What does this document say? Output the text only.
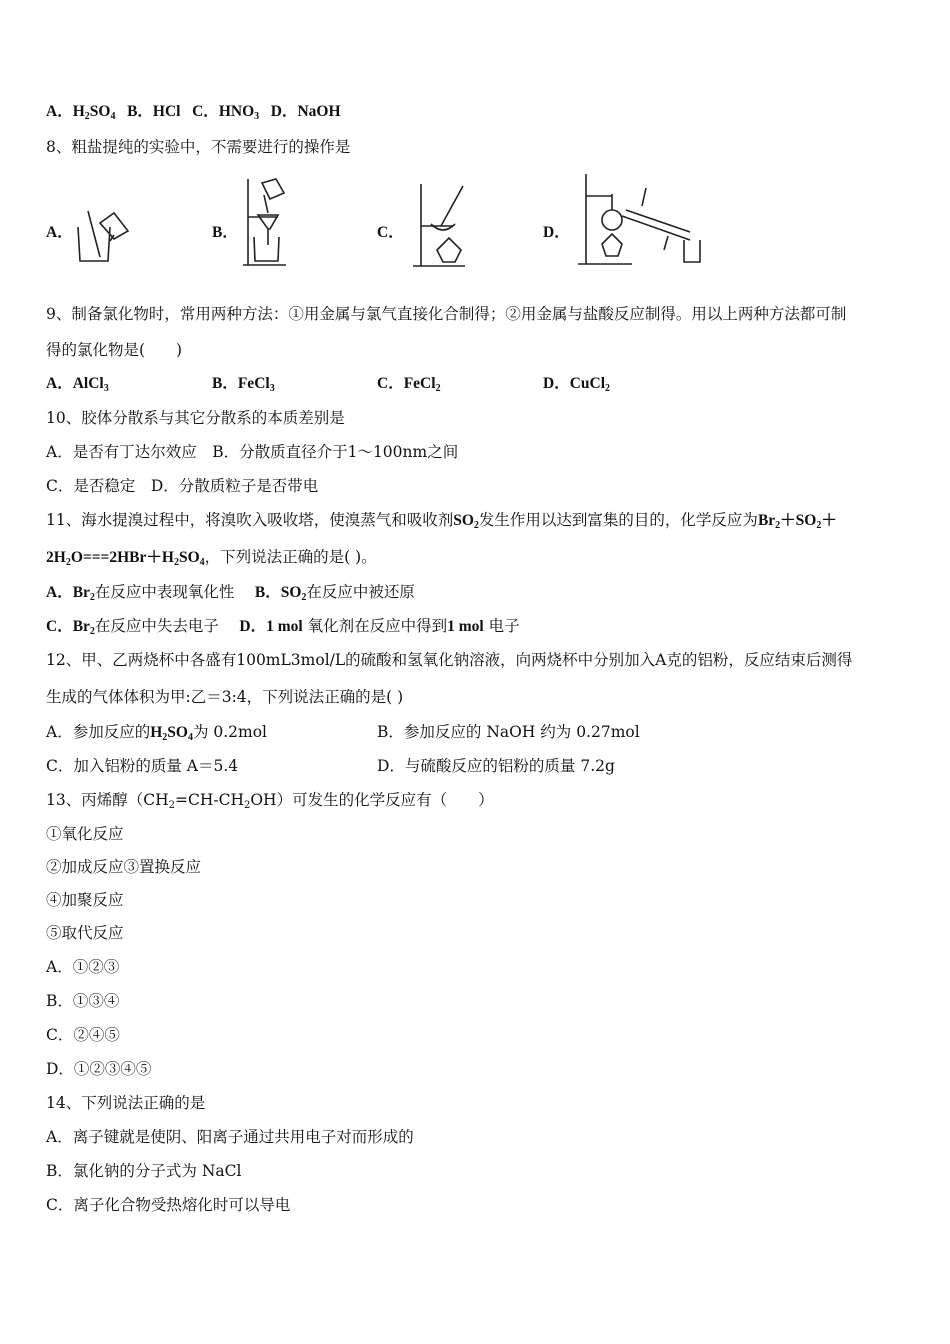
A．$H_2SO_4$ B．HCl C．$HNO_3$ D．NaOH
8、粗盐提纯的实验中，不需要进行的操作是
A．	B．	C．	D．
9、制备氯化物时，常用两种方法：①用金属与氯气直接化合制得；②用金属与盐酸反应制得。用以上两种方法都可制
得的氯化物是(　　)
A．AlCl$_3$	B．FeCl$_3$	C．FeCl$_2$	D．CuCl$_2$
10、胶体分散系与其它分散系的本质差别是
A．是否有丁达尔效应　B．分散质直径介于1～100nm之间
C．是否稳定　D．分散质粒子是否带电
11、海水提溴过程中，将溴吹入吸收塔，使溴蒸气和吸收剂$SO_2$发生作用以达到富集的目的，化学反应为$Br_2+SO_2+$
$2H_2O===2HBr+H_2SO_4$，下列说法正确的是( )。
A．$Br_2$在反应中表现氧化性　 B．$SO_2$在反应中被还原
C．$Br_2$在反应中失去电子　 D．1 mol 氧化剂在反应中得到1 mol 电子
12、甲、乙两烧杯中各盛有100mL3mol/L的硫酸和氢氧化钠溶液，向两烧杯中分别加入A克的铝粉，反应结束后测得
生成的气体体积为甲:乙＝3:4，下列说法正确的是( )
A．参加反应的$H_2SO_4$为 0.2mol	B．参加反应的 NaOH 约为 0.27mol
C．加入铝粉的质量 A＝5.4	D．与硫酸反应的铝粉的质量 7.2g
13、丙烯醇$(CH_2=CH-CH_2OH)$可发生的化学反应有（　　）
①氧化反应
②加成反应③置换反应
④加聚反应
⑤取代反应
A．①②③
B．①③④
C．②④⑤
D．①②③④⑤
14、下列说法正确的是
A．离子键就是使阴、阳离子通过共用电子对而形成的
B．氯化钠的分子式为 NaCl
C．离子化合物受热熔化时可以导电
